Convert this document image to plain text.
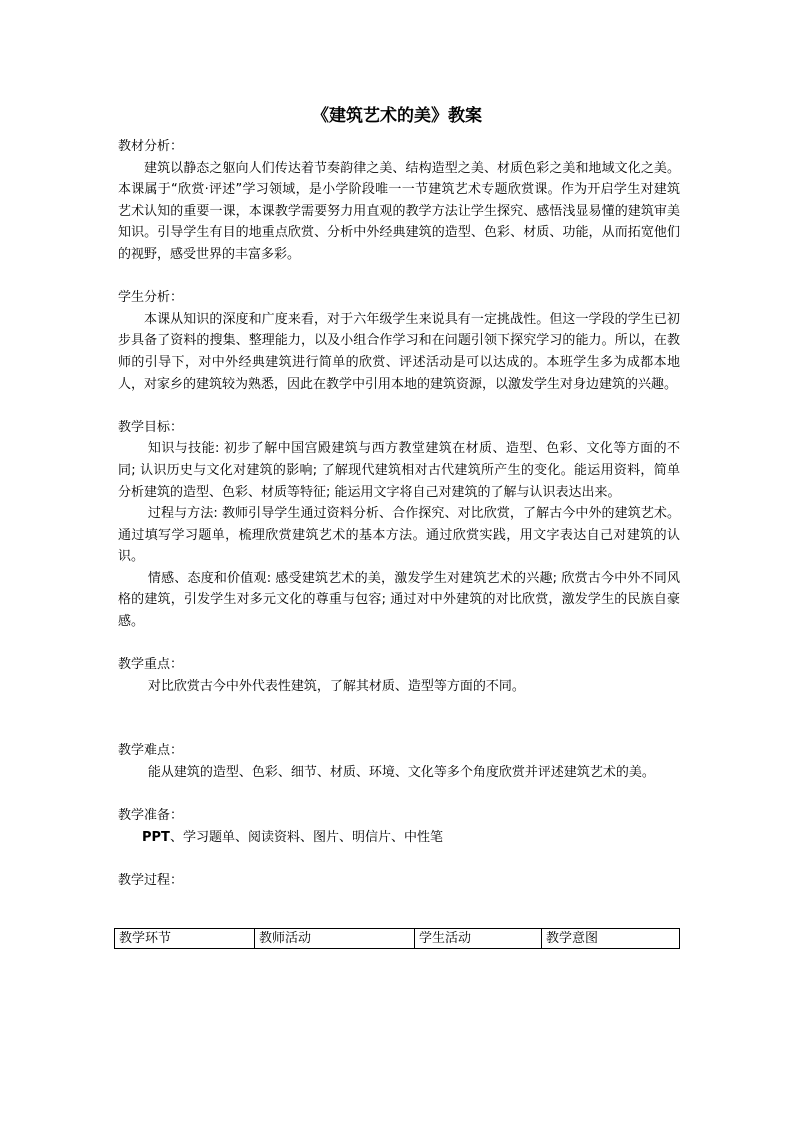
《建筑艺术的美》教案

教材分析：

建筑以静态之躯向人们传达着节奏韵律之美、结构造型之美、材质色彩之美和地域文化之美。本课属于“欣赏·评述”学习领域，是小学阶段唯一一节建筑艺术专题欣赏课。作为开启学生对建筑艺术认知的重要一课，本课教学需要努力用直观的教学方法让学生探究、感悟浅显易懂的建筑审美知识。引导学生有目的地重点欣赏、分析中外经典建筑的造型、色彩、材质、功能，从而拓宽他们的视野，感受世界的丰富多彩。

学生分析：

本课从知识的深度和广度来看，对于六年级学生来说具有一定挑战性。但这一学段的学生已初步具备了资料的搜集、整理能力，以及小组合作学习和在问题引领下探究学习的能力。所以，在教师的引导下，对中外经典建筑进行简单的欣赏、评述活动是可以达成的。本班学生多为成都本地人，对家乡的建筑较为熟悉，因此在教学中引用本地的建筑资源，以激发学生对身边建筑的兴趣。

教学目标：

知识与技能: 初步了解中国宫殿建筑与西方教堂建筑在材质、造型、色彩、文化等方面的不同; 认识历史与文化对建筑的影响; 了解现代建筑相对古代建筑所产生的变化。能运用资料，简单分析建筑的造型、色彩、材质等特征; 能运用文字将自己对建筑的了解与认识表达出来。

过程与方法: 教师引导学生通过资料分析、合作探究、对比欣赏，了解古今中外的建筑艺术。通过填写学习题单，梳理欣赏建筑艺术的基本方法。通过欣赏实践，用文字表达自己对建筑的认识。

情感、态度和价值观: 感受建筑艺术的美，激发学生对建筑艺术的兴趣; 欣赏古今中外不同风格的建筑，引发学生对多元文化的尊重与包容; 通过对中外建筑的对比欣赏，激发学生的民族自豪感。

教学重点：

对比欣赏古今中外代表性建筑，了解其材质、造型等方面的不同。

教学难点：

能从建筑的造型、色彩、细节、材质、环境、文化等多个角度欣赏并评述建筑艺术的美。

教学准备：

PPT、学习题单、阅读资料、图片、明信片、中性笔

教学过程：

教学环节	教师活动	学生活动	教学意图
